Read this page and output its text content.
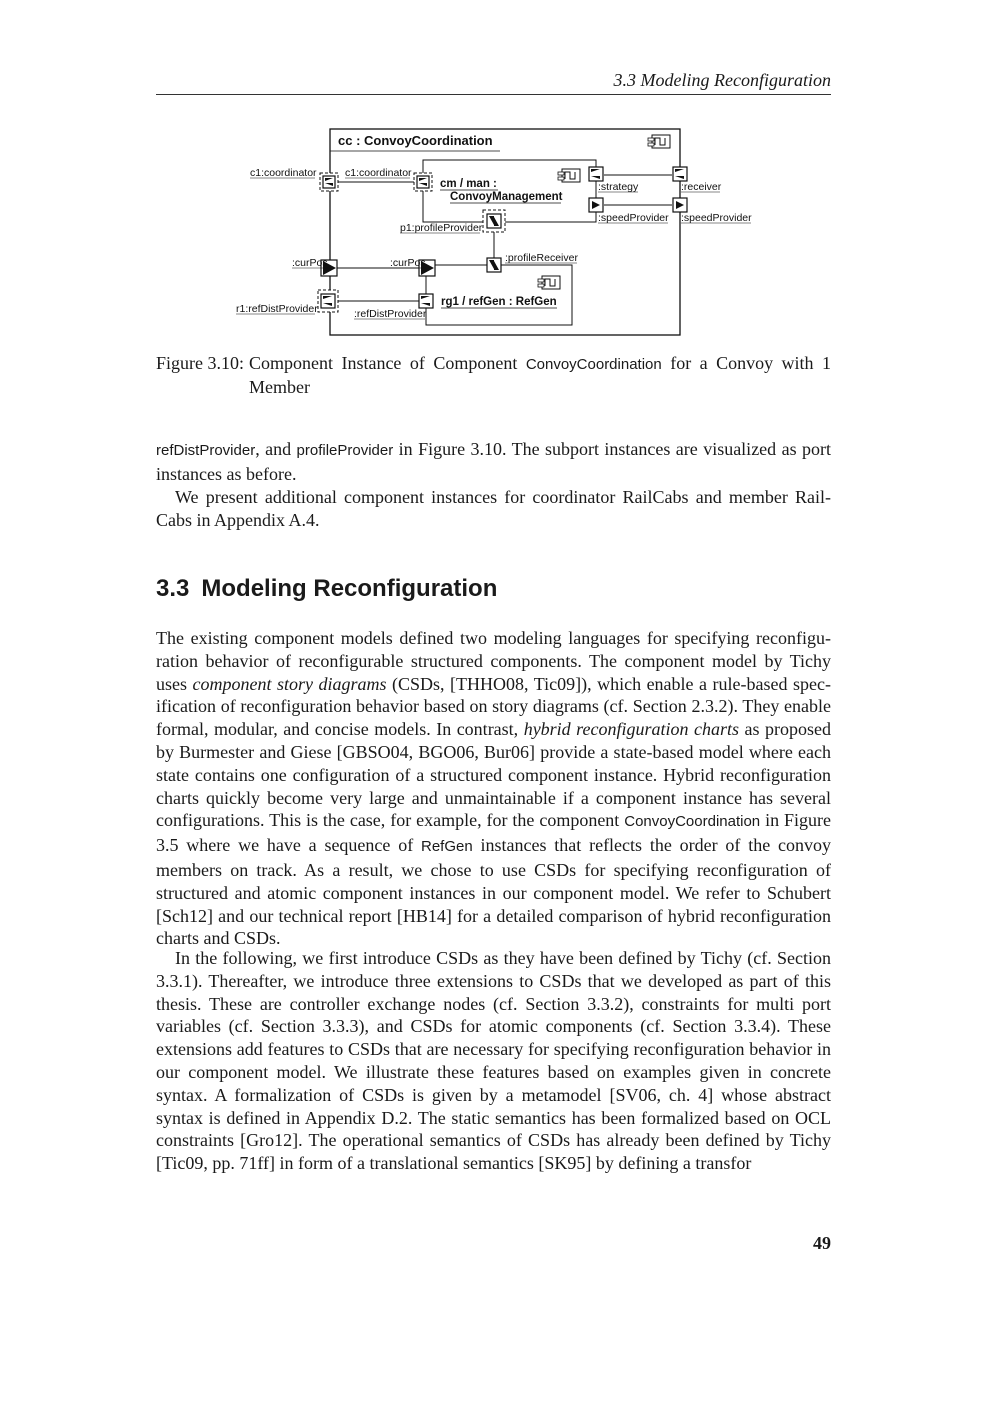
3.3 Modeling Reconfiguration
cc : ConvoyCoordination
cm / man :
ConvoyManagement
rg1 / refGen : RefGen
c1:coordinator	c1:coordinator
:strategy	:receiver
:speedProvider :speedProvider
p1:profileProvider
:profileReceiver
:curPos	:curPos
r1:refDistProvider	:refDistProvider
Figure 3.10: Component Instance of Component ConvoyCoordination for a Convoy with 1
Member
refDistProvider, and profileProvider in Figure 3.10. The subport instances are visualized as port instances as before.
We present additional component instances for coordinator RailCabs and member RailCabs in Appendix A.4.
3.3 Modeling Reconfiguration
The existing component models defined two modeling languages for specifying reconfiguration behavior of reconfigurable structured components. The component model by Tichy uses component story diagrams (CSDs, [THHO08, Tic09]), which enable a rule-based specification of reconfiguration behavior based on story diagrams (cf. Section 2.3.2). They enable formal, modular, and concise models. In contrast, hybrid reconfiguration charts as proposed by Burmester and Giese [GBSO04, BGO06, Bur06] provide a state-based model where each state contains one configuration of a structured component instance. Hybrid reconfiguration charts quickly become very large and unmaintainable if a component instance has several configurations. This is the case, for example, for the component ConvoyCoordination in Figure 3.5 where we have a sequence of RefGen instances that reflects the order of the convoy members on track. As a result, we chose to use CSDs for specifying reconfiguration of structured and atomic component instances in our component model. We refer to Schubert [Sch12] and our technical report [HB14] for a detailed comparison of hybrid reconfiguration charts and CSDs.
In the following, we first introduce CSDs as they have been defined by Tichy (cf. Section 3.3.1). Thereafter, we introduce three extensions to CSDs that we developed as part of this thesis. These are controller exchange nodes (cf. Section 3.3.2), constraints for multi port variables (cf. Section 3.3.3), and CSDs for atomic components (cf. Section 3.3.4). These extensions add features to CSDs that are necessary for specifying reconfiguration behavior in our component model. We illustrate these features based on examples given in concrete syntax. A formalization of CSDs is given by a metamodel [SV06, ch. 4] whose abstract syntax is defined in Appendix D.2. The static semantics has been formalized based on OCL constraints [Gro12]. The operational semantics of CSDs has already been defined by Tichy [Tic09, pp. 71ff] in form of a translational semantics [SK95] by defining a transfor
49
